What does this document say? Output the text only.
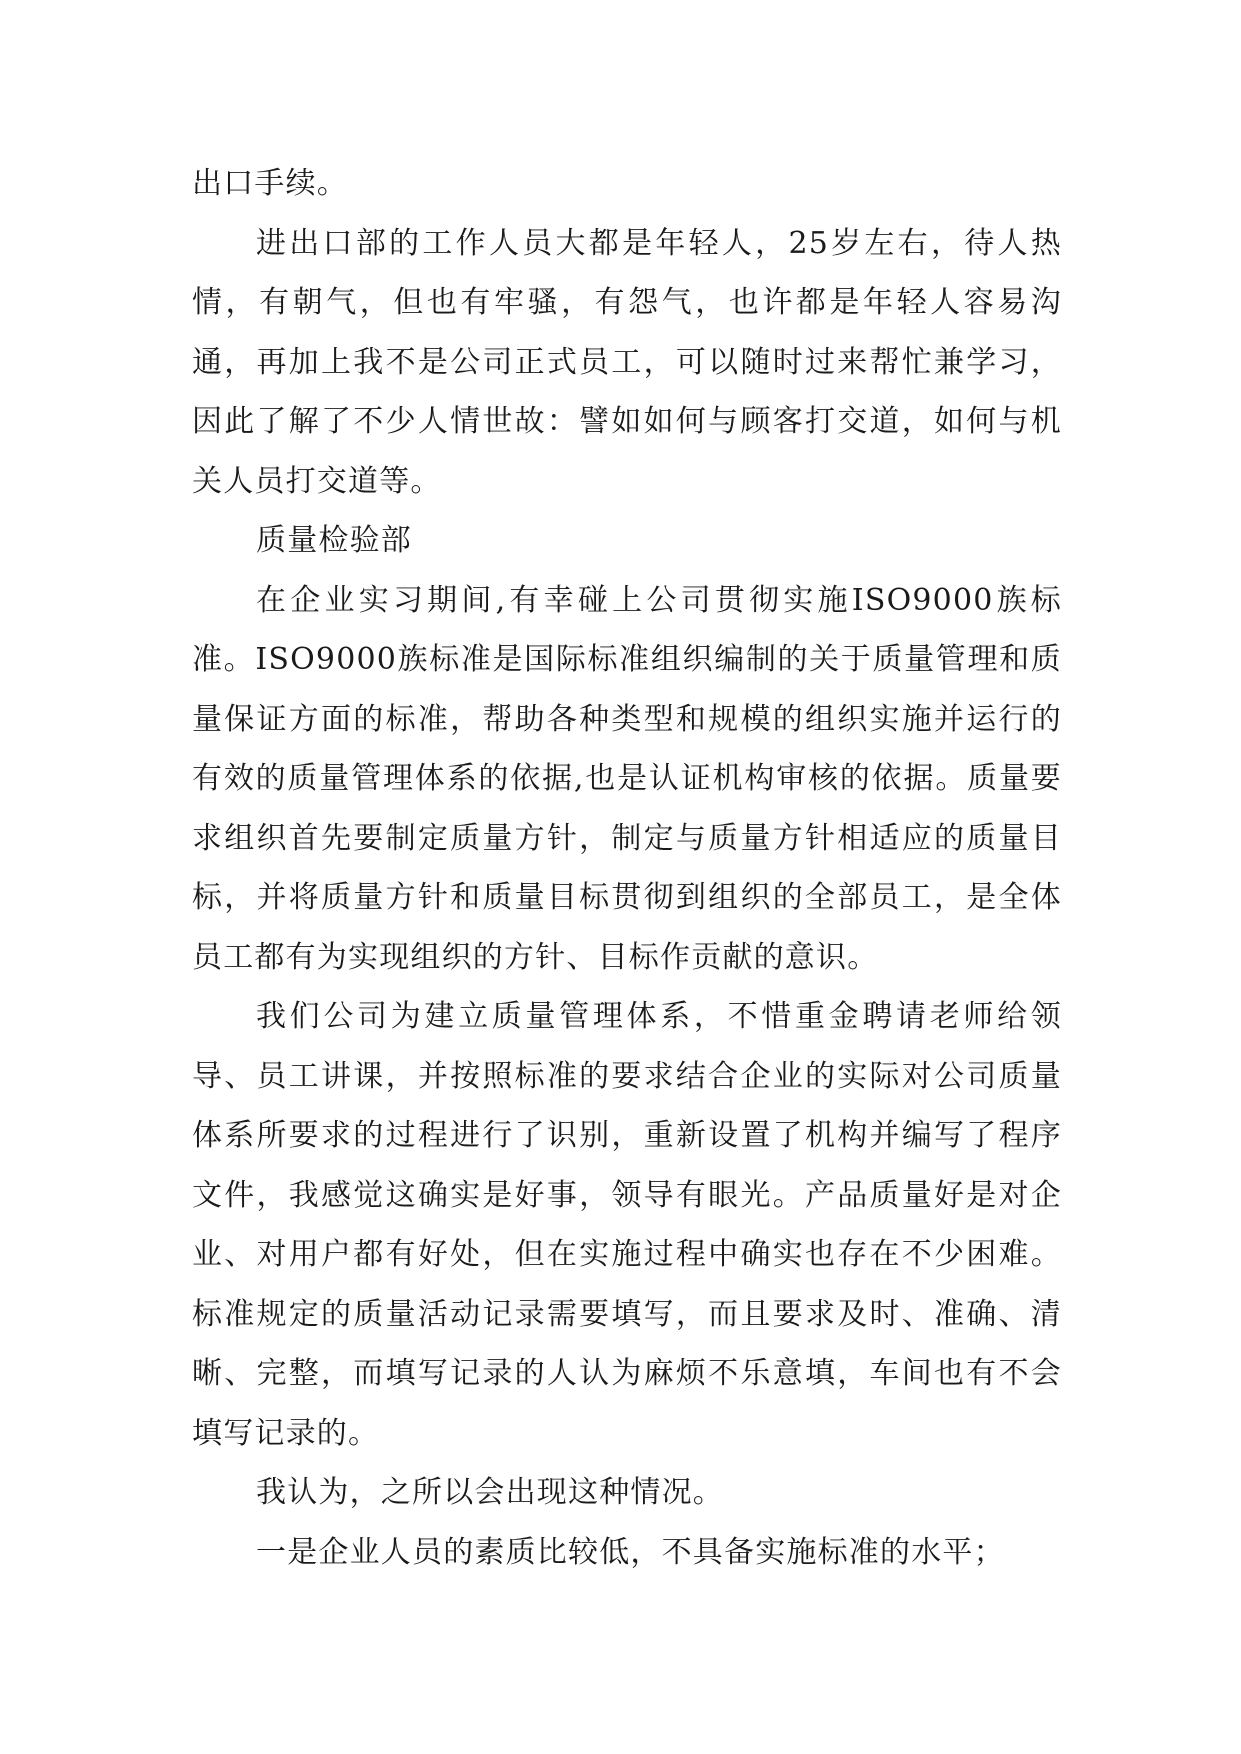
出口手续。

进出口部的工作人员大都是年轻人，25岁左右，待人热情，有朝气，但也有牢骚，有怨气，也许都是年轻人容易沟通，再加上我不是公司正式员工，可以随时过来帮忙兼学习，因此了解了不少人情世故：譬如如何与顾客打交道，如何与机关人员打交道等。

质量检验部

在企业实习期间,有幸碰上公司贯彻实施ISO9000族标准。ISO9000族标准是国际标准组织编制的关于质量管理和质量保证方面的标准，帮助各种类型和规模的组织实施并运行的有效的质量管理体系的依据,也是认证机构审核的依据。质量要求组织首先要制定质量方针，制定与质量方针相适应的质量目标，并将质量方针和质量目标贯彻到组织的全部员工，是全体员工都有为实现组织的方针、目标作贡献的意识。

我们公司为建立质量管理体系，不惜重金聘请老师给领导、员工讲课，并按照标准的要求结合企业的实际对公司质量体系所要求的过程进行了识别，重新设置了机构并编写了程序文件，我感觉这确实是好事，领导有眼光。产品质量好是对企业、对用户都有好处，但在实施过程中确实也存在不少困难。标准规定的质量活动记录需要填写，而且要求及时、准确、清晰、完整，而填写记录的人认为麻烦不乐意填，车间也有不会填写记录的。

我认为，之所以会出现这种情况。

一是企业人员的素质比较低，不具备实施标准的水平；
